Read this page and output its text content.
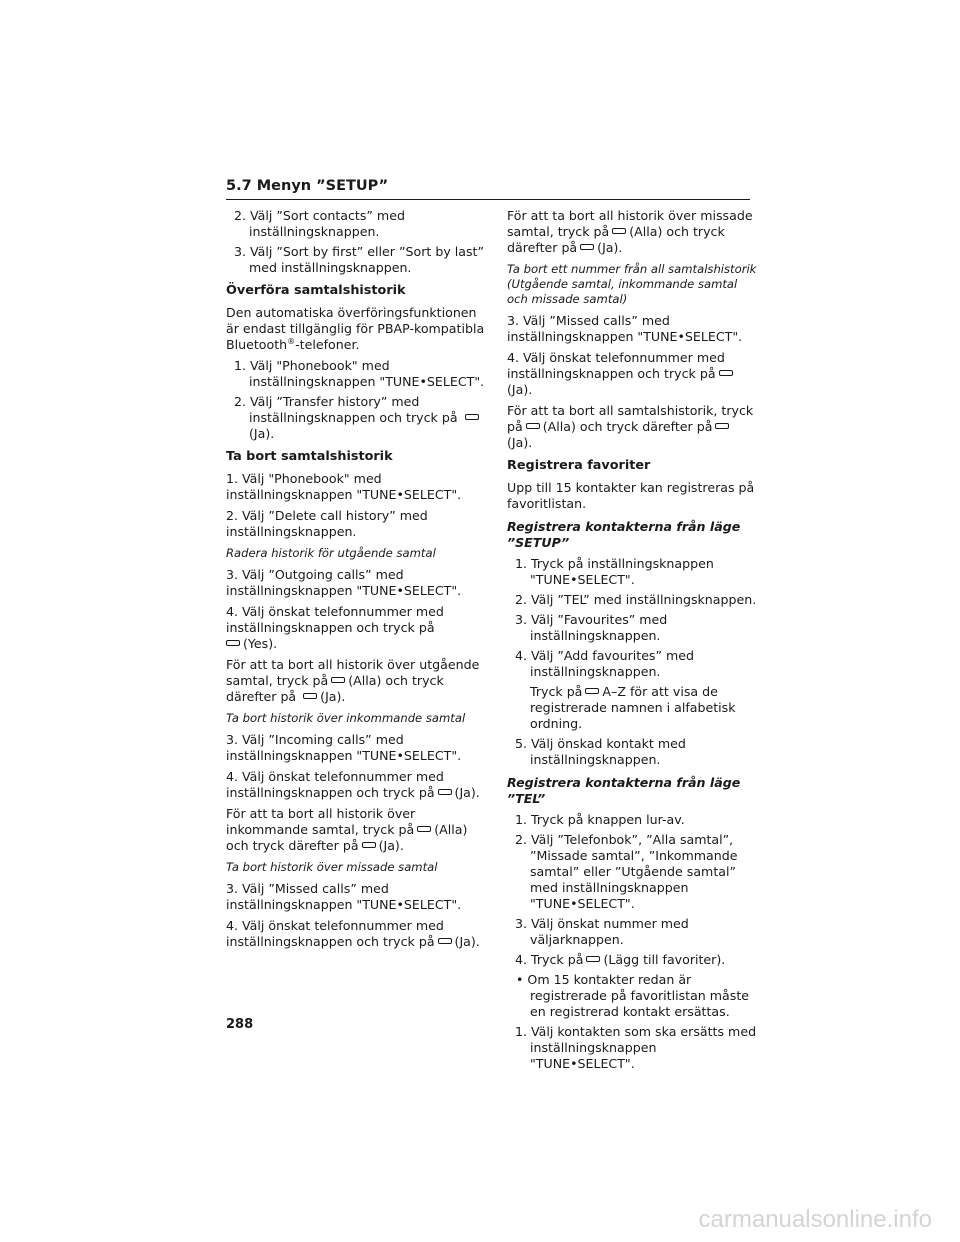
5.7 Menyn ”SETUP”
2. Välj ”Sort contacts” med inställningsknappen.
3. Välj ”Sort by first” eller ”Sort by last” med inställningsknappen.
Överföra samtalshistorik

Den automatiska överföringsfunktionen är endast tillgänglig för PBAP-kompatibla Bluetooth®-telefoner.

1. Välj "Phonebook" med inställningsknappen "TUNE•SELECT".
2. Välj ”Transfer history” med inställningsknappen och tryck på (Ja).
Ta bort samtalshistorik

1. Välj "Phonebook" med inställningsknappen "TUNE•SELECT".

2. Välj ”Delete call history” med inställningsknappen.

Radera historik för utgående samtal

3. Välj ”Outgoing calls” med inställningsknappen "TUNE•SELECT".

4. Välj önskat telefonnummer med inställningsknappen och tryck på
(Yes).

För att ta bort all historik över utgående samtal, tryck på (Alla) och tryck därefter på (Ja).

Ta bort historik över inkommande samtal

3. Välj ”Incoming calls” med inställningsknappen "TUNE•SELECT".

4. Välj önskat telefonnummer med inställningsknappen och tryck på (Ja).

För att ta bort all historik över inkommande samtal, tryck på (Alla) och tryck därefter på (Ja).

Ta bort historik över missade samtal

3. Välj ”Missed calls” med inställningsknappen "TUNE•SELECT".

4. Välj önskat telefonnummer med inställningsknappen och tryck på (Ja).

För att ta bort all historik över missade samtal, tryck på (Alla) och tryck därefter på (Ja).

Ta bort ett nummer från all samtalshistorik (Utgående samtal, inkommande samtal och missade samtal)

3. Välj ”Missed calls” med inställningsknappen "TUNE•SELECT".

4. Välj önskat telefonnummer med inställningsknappen och tryck på(Ja).

För att ta bort all samtalshistorik, tryck på (Alla) och tryck därefter på(Ja).

Registrera favoriter

Upp till 15 kontakter kan registreras på favoritlistan.

Registrera kontakterna från läge ”SETUP”
1. Tryck på inställningsknappen "TUNE•SELECT".
2. Välj ”TEL” med inställningsknappen.
3. Välj ”Favourites” med inställningsknappen.
4. Välj ”Add favourites” med inställningsknappen.
Tryck på A–Z för att visa de registrerade namnen i alfabetisk ordning.
5. Välj önskad kontakt med inställningsknappen.
Registrera kontakterna från läge ”TEL”
1. Tryck på knappen lur-av.
2. Välj ”Telefonbok”, ”Alla samtal”, ”Missade samtal”, ”Inkommande samtal” eller ”Utgående samtal” med inställningsknappen "TUNE•SELECT".
3. Välj önskat nummer med väljarknappen.
4. Tryck på (Lägg till favoriter).
• Om 15 kontakter redan är registrerade på favoritlistan måste en registrerad kontakt ersättas.
1. Välj kontakten som ska ersätts med inställningsknappen "TUNE•SELECT".
288
carmanualsonline.info
